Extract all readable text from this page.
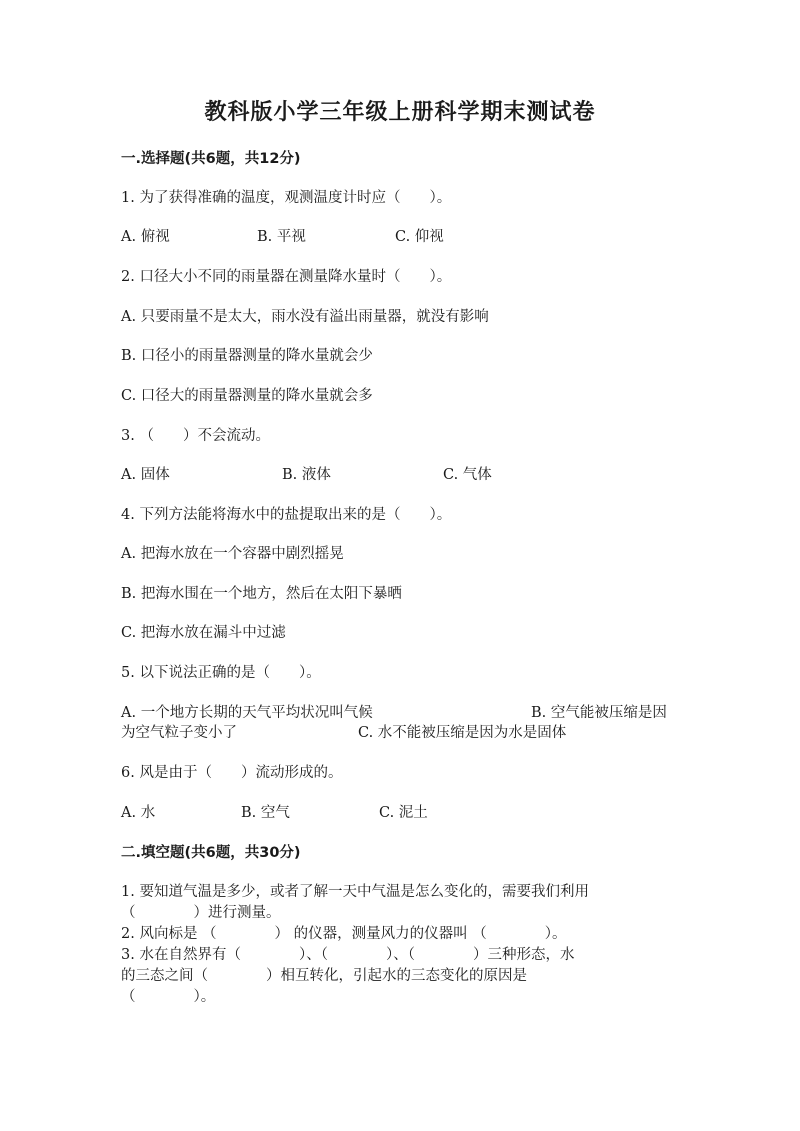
教科版小学三年级上册科学期末测试卷
一.选择题(共6题，共12分)
1. 为了获得准确的温度，观测温度计时应（　　）。
A. 俯视	B. 平视	C. 仰视
2. 口径大小不同的雨量器在测量降水量时（　　）。
A. 只要雨量不是太大，雨水没有溢出雨量器，就没有影响
B. 口径小的雨量器测量的降水量就会少
C. 口径大的雨量器测量的降水量就会多
3. （　　）不会流动。
A. 固体	B. 液体	C. 气体
4. 下列方法能将海水中的盐提取出来的是（　　）。
A. 把海水放在一个容器中剧烈摇晃
B. 把海水围在一个地方，然后在太阳下暴晒
C. 把海水放在漏斗中过滤
5. 以下说法正确的是（　　）。
A. 一个地方长期的天气平均状况叫气候	B. 空气能被压缩是因
为空气粒子变小了	C. 水不能被压缩是因为水是固体
6. 风是由于（　　）流动形成的。
A. 水	B. 空气	C. 泥土
二.填空题(共6题，共30分)
1. 要知道气温是多少，或者了解一天中气温是怎么变化的，需要我们利用
（　　　　）进行测量。
2. 风向标是 （　　　　） 的仪器，测量风力的仪器叫 （　　　　）。
3. 水在自然界有（　　　　）、（　　　　）、（　　　　）三种形态，水
的三态之间（　　　　）相互转化，引起水的三态变化的原因是
（　　　　）。
